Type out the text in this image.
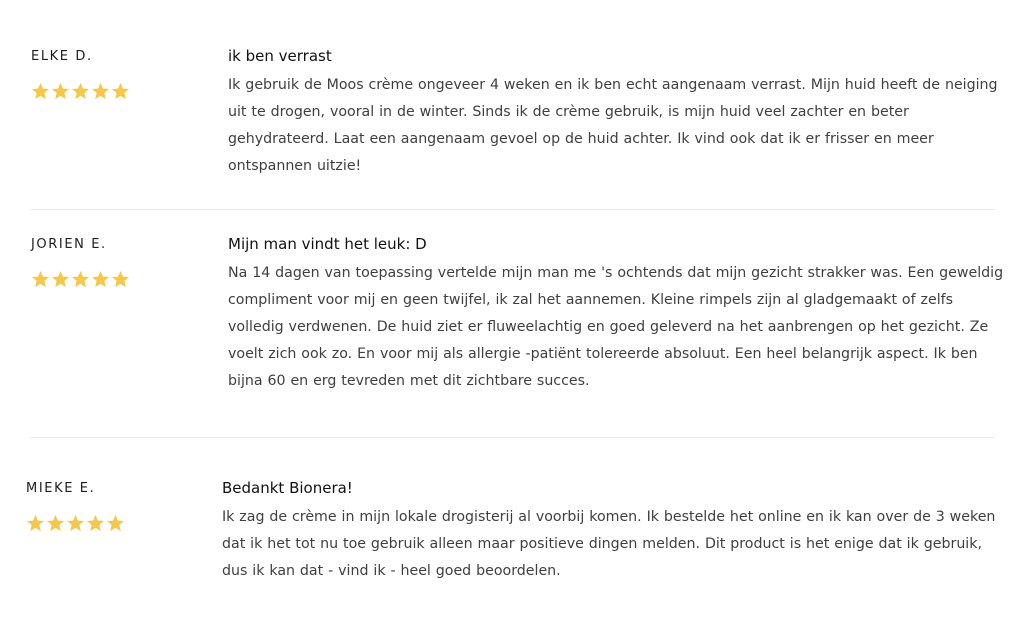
ELKE D.	ik ben verrast
Ik gebruik de Moos crème ongeveer 4 weken en ik ben echt aangenaam verrast. Mijn huid heeft de neiging uit te drogen, vooral in de winter. Sinds ik de crème gebruik, is mijn huid veel zachter en beter gehydrateerd. Laat een aangenaam gevoel op de huid achter. Ik vind ook dat ik er frisser en meer ontspannen uitzie!
JORIEN E.	Mijn man vindt het leuk: D
Na 14 dagen van toepassing vertelde mijn man me 's ochtends dat mijn gezicht strakker was. Een geweldig compliment voor mij en geen twijfel, ik zal het aannemen. Kleine rimpels zijn al gladgemaakt of zelfs volledig verdwenen. De huid ziet er fluweelachtig en goed geleverd na het aanbrengen op het gezicht. Ze voelt zich ook zo. En voor mij als allergie -patiënt tolereerde absoluut. Een heel belangrijk aspect. Ik ben bijna 60 en erg tevreden met dit zichtbare succes.
MIEKE E.	Bedankt Bionera!
Ik zag de crème in mijn lokale drogisterij al voorbij komen. Ik bestelde het online en ik kan over de 3 weken dat ik het tot nu toe gebruik alleen maar positieve dingen melden. Dit product is het enige dat ik gebruik, dus ik kan dat - vind ik - heel goed beoordelen.
